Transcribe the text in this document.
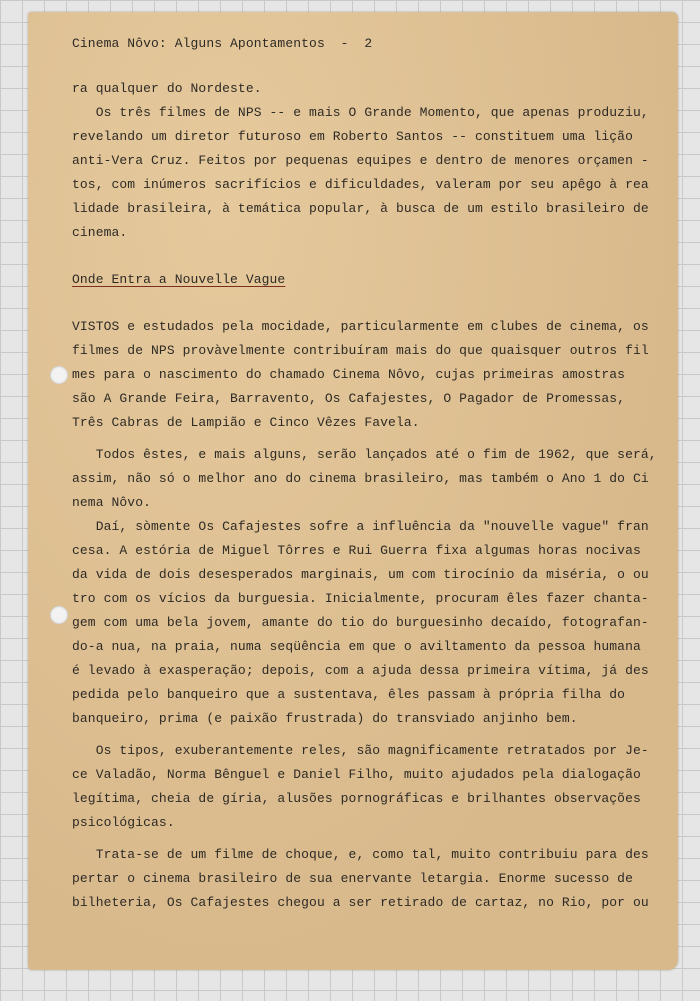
Cinema Nôvo: Alguns Apontamentos  -  2
ra qualquer do Nordeste.
Os três filmes de NPS -- e mais O Grande Momento, que apenas produziu,
revelando um diretor futuroso em Roberto Santos -- constituem uma lição
anti-Vera Cruz. Feitos por pequenas equipes e dentro de menores orçamen -
tos, com inúmeros sacrifícios e dificuldades, valeram por seu apêgo à rea
lidade brasileira, à temática popular, à busca de um estilo brasileiro de
cinema.
Onde Entra a Nouvelle Vague
VISTOS e estudados pela mocidade, particularmente em clubes de cinema, os
filmes de NPS provàvelmente contribuíram mais do que quaisquer outros fil
mes para o nascimento do chamado Cinema Nôvo, cujas primeiras amostras
são A Grande Feira, Barravento, Os Cafajestes, O Pagador de Promessas,
Três Cabras de Lampião e Cinco Vêzes Favela.
Todos êstes, e mais alguns, serão lançados até o fim de 1962, que será,
assim, não só o melhor ano do cinema brasileiro, mas também o Ano 1 do Ci
nema Nôvo.
Daí, sòmente Os Cafajestes sofre a influência da "nouvelle vague" fran
cesa. A estória de Miguel Tôrres e Rui Guerra fixa algumas horas nocivas
da vida de dois desesperados marginais, um com tirocínio da miséria, o ou
tro com os vícios da burguesia. Inicialmente, procuram êles fazer chanta-
gem com uma bela jovem, amante do tio do burguesinho decaído, fotografan-
do-a nua, na praia, numa seqüência em que o aviltamento da pessoa humana
é levado à exasperação; depois, com a ajuda dessa primeira vítima, já des
pedida pelo banqueiro que a sustentava, êles passam à própria filha do
banqueiro, prima (e paixão frustrada) do transviado anjinho bem.
Os tipos, exuberantemente reles, são magnificamente retratados por Je-
ce Valadão, Norma Bênguel e Daniel Filho, muito ajudados pela dialogação
legítima, cheia de gíria, alusões pornográficas e brilhantes observações
psicológicas.
Trata-se de um filme de choque, e, como tal, muito contribuiu para des
pertar o cinema brasileiro de sua enervante letargia. Enorme sucesso de
bilheteria, Os Cafajestes chegou a ser retirado de cartaz, no Rio, por ou
